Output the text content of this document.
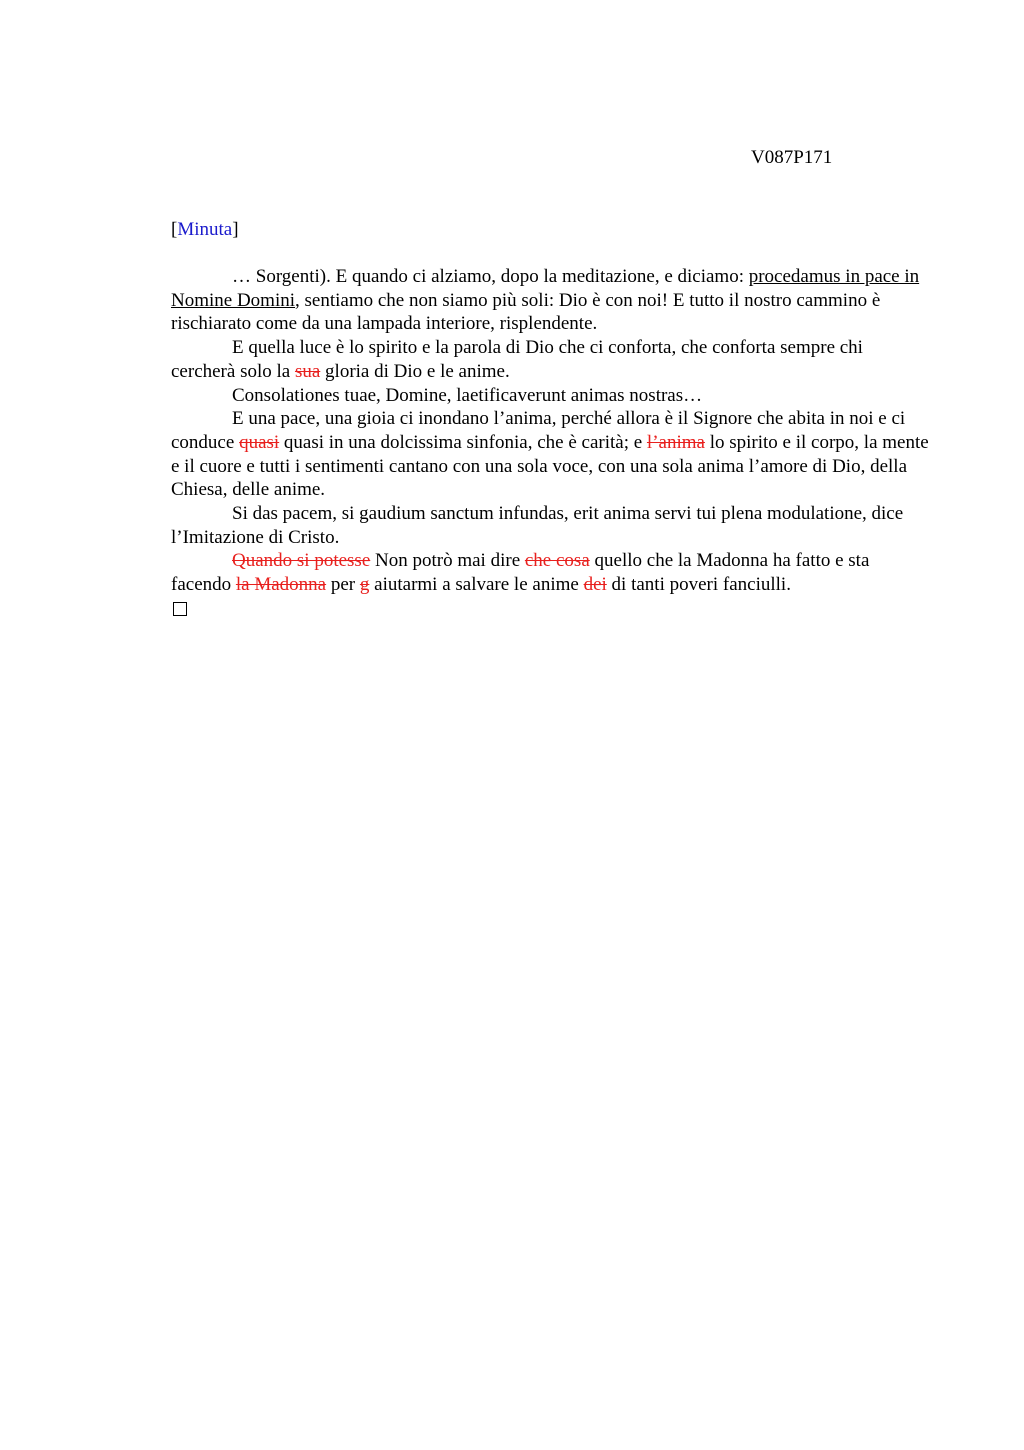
V087P171
[Minuta]

… Sorgenti). E quando ci alziamo, dopo la meditazione, e diciamo: procedamus in pace in Nomine Domini, sentiamo che non siamo più soli: Dio è con noi! E tutto il nostro cammino è rischiarato come da una lampada interiore, risplendente.

E quella luce è lo spirito e la parola di Dio che ci conforta, che conforta sempre chi cercherà solo la sua gloria di Dio e le anime.

Consolationes tuae, Domine, laetificaverunt animas nostras…

E una pace, una gioia ci inondano l’anima, perché allora è il Signore che abita in noi e ci conduce quasi quasi in una dolcissima sinfonia, che è carità; e l’anima lo spirito e il corpo, la mente e il cuore e tutti i sentimenti cantano con una sola voce, con una sola anima l’amore di Dio, della Chiesa, delle anime.

Si das pacem, si gaudium sanctum infundas, erit anima servi tui plena modulatione, dice l’Imitazione di Cristo.

Quando si potesse Non potrò mai dire che cosa quello che la Madonna ha fatto e sta facendo la Madonna per g aiutarmi a salvare le anime dei di tanti poveri fanciulli.
